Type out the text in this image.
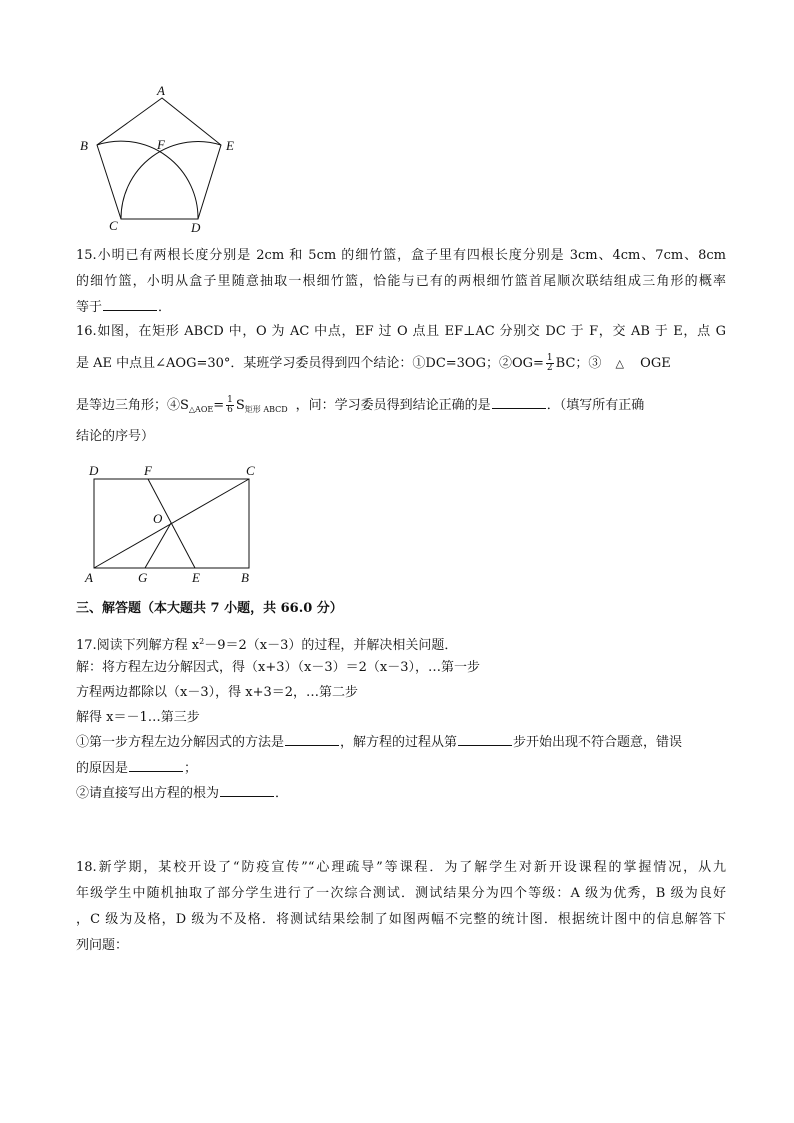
A
B	F	E
C	D
15.小明已有两根长度分别是 2cm 和 5cm 的细竹篮，盒子里有四根长度分别是 3cm、4cm、7cm、8cm
的细竹篮，小明从盒子里随意抽取一根细竹篮，恰能与已有的两根细竹篮首尾顺次联结组成三角形的概率
等于	．
16.如图，在矩形 ABCD 中，O 为 AC 中点，EF 过 O 点且 EF⊥AC 分别交 DC 于 F，交 AB 于 E，点 G
是 AE 中点且∠AOG=30°．某班学习委员得到四个结论：①DC=3OG；②OG= $\frac{1}{2}$ BC；③ △ OGE
是等边三角形；$④S_{\triangle AOE}= \frac{1}{6} S_{矩形 ABCD}$ ，问：学习委员得到结论正确的是	．（填写所有正确
结论的序号）
D	F	C
O
A	G	E	B
三、解答题（本大题共 7 小题，共 66.0 分）
17.阅读下列解方程 $x^2-9=2(x-3)$的过程，并解决相关问题．
解：将方程左边分解因式，得（x+3）（x－3）＝2（x－3），…第一步
方程两边都除以（x－3），得 x+3＝2，…第二步
解得 x＝－1…第三步
①第一步方程左边分解因式的方法是	，解方程的过程从第	步开始出现不符合题意，错误
的原因是	；
②请直接写出方程的根为	．
18.新学期，某校开设了“防疫宣传”“心理疏导”等课程．为了解学生对新开设课程的掌握情况，从九
年级学生中随机抽取了部分学生进行了一次综合测试．测试结果分为四个等级：A 级为优秀，B 级为良好
，C 级为及格，D 级为不及格．将测试结果绘制了如图两幅不完整的统计图．根据统计图中的信息解答下
列问题：
